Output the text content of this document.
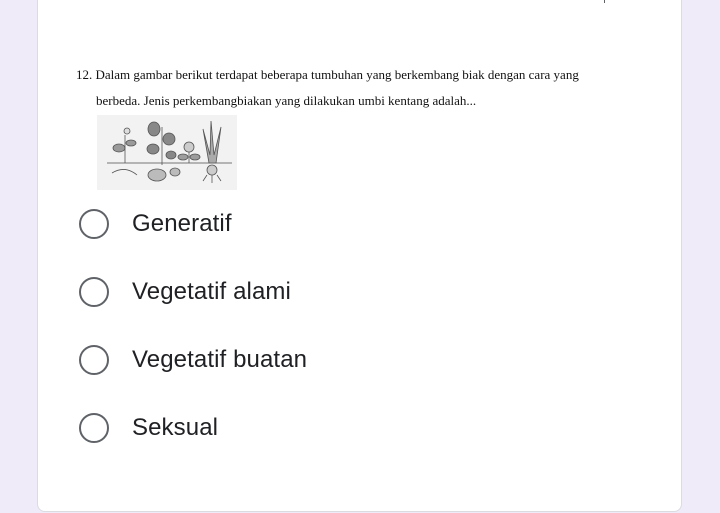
12. Dalam gambar berikut terdapat beberapa tumbuhan yang berkembang biak dengan cara yang
berbeda. Jenis perkembangbiakan yang dilakukan umbi kentang adalah...
Generatif
Vegetatif alami
Vegetatif buatan
Seksual
